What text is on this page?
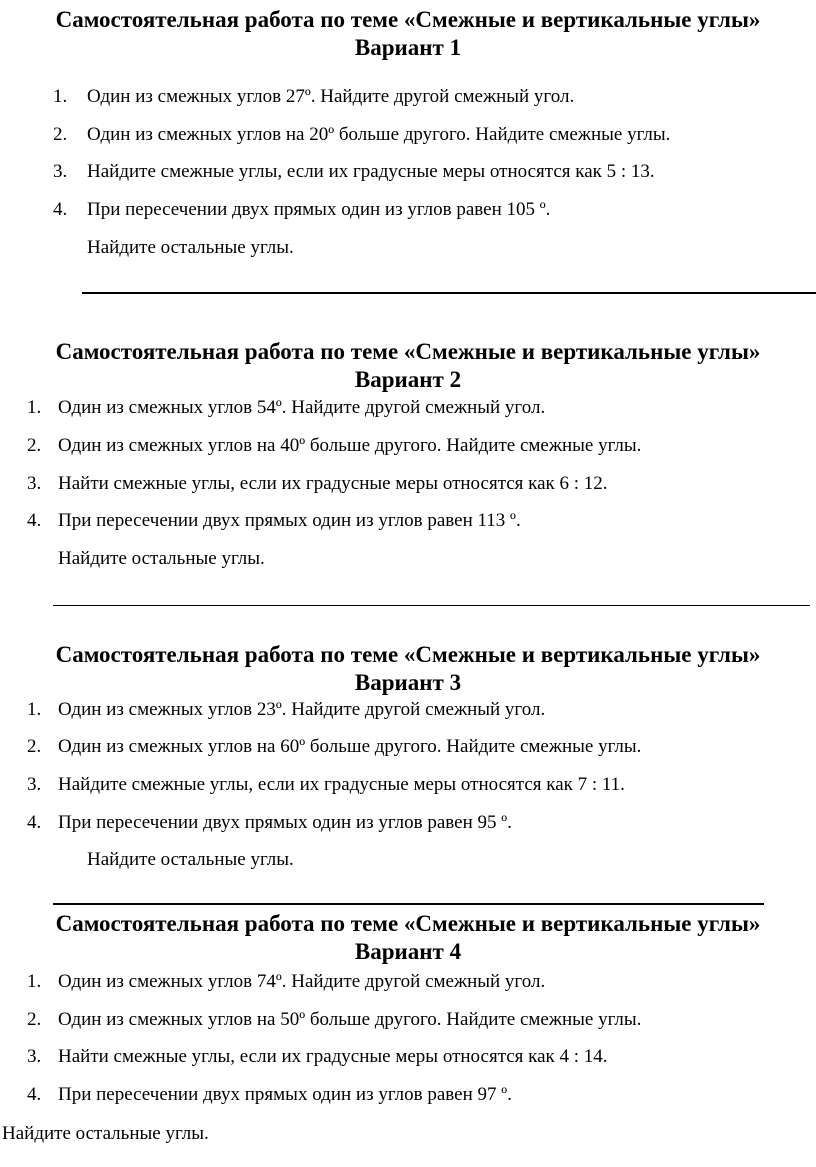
Самостоятельная работа по теме «Смежные и вертикальные углы»
Вариант 1
1. Один из смежных углов 27º. Найдите другой смежный угол.
2. Один из смежных углов на 20º больше другого. Найдите смежные углы.
3. Найдите смежные углы, если их градусные меры относятся как 5 : 13.
4. При пересечении двух прямых один из углов равен 105 º.
Найдите остальные углы.
Самостоятельная работа по теме «Смежные и вертикальные углы»
Вариант 2
1. Один из смежных углов 54º. Найдите другой смежный угол.
2. Один из смежных углов на 40º больше другого. Найдите смежные углы.
3. Найти смежные углы, если их градусные меры относятся как 6 : 12.
4. При пересечении двух прямых один из углов равен 113 º.
Найдите остальные углы.
Самостоятельная работа по теме «Смежные и вертикальные углы»
Вариант 3
1. Один из смежных углов 23º. Найдите другой смежный угол.
2. Один из смежных углов на 60º больше другого. Найдите смежные углы.
3. Найдите смежные углы, если их градусные меры относятся как 7 : 11.
4. При пересечении двух прямых один из углов равен 95 º.
Найдите остальные углы.
Самостоятельная работа по теме «Смежные и вертикальные углы»
Вариант 4
1. Один из смежных углов 74º. Найдите другой смежный угол.
2. Один из смежных углов на 50º больше другого. Найдите смежные углы.
3. Найти смежные углы, если их градусные меры относятся как 4 : 14.
4. При пересечении двух прямых один из углов равен 97 º.
Найдите остальные углы.
